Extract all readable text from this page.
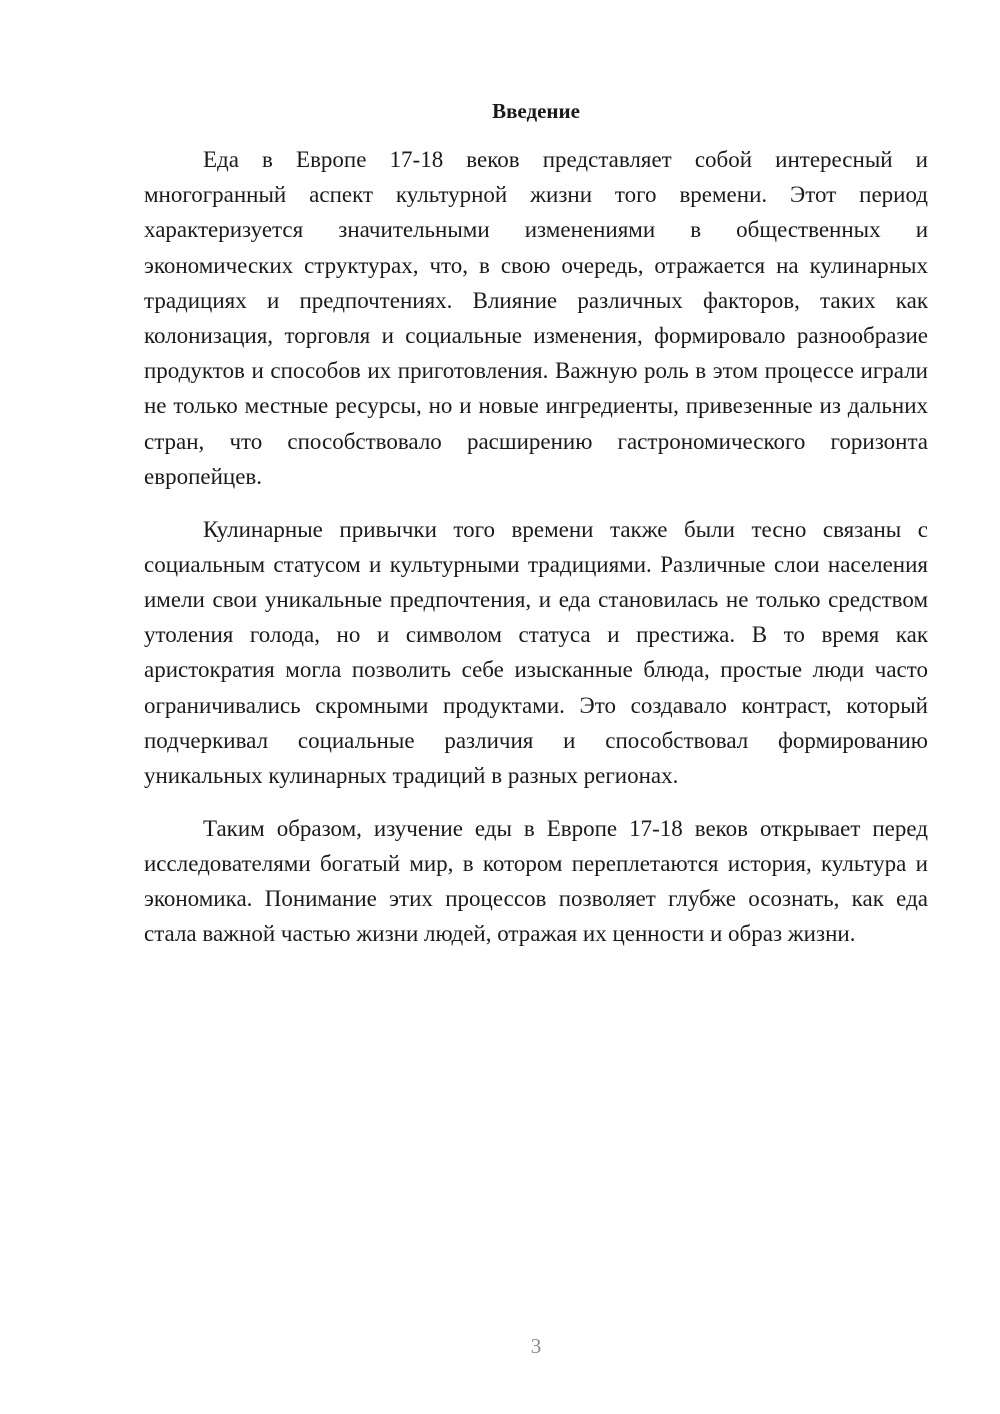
Введение

Еда в Европе 17-18 веков представляет собой интересный и многогранный аспект культурной жизни того времени. Этот период характеризуется значительными изменениями в общественных и экономических структурах, что, в свою очередь, отражается на кулинарных традициях и предпочтениях. Влияние различных факторов, таких как колонизация, торговля и социальные изменения, формировало разнообразие продуктов и способов их приготовления. Важную роль в этом процессе играли не только местные ресурсы, но и новые ингредиенты, привезенные из дальних стран, что способствовало расширению гастрономического горизонта европейцев.

Кулинарные привычки того времени также были тесно связаны с социальным статусом и культурными традициями. Различные слои населения имели свои уникальные предпочтения, и еда становилась не только средством утоления голода, но и символом статуса и престижа. В то время как аристократия могла позволить себе изысканные блюда, простые люди часто ограничивались скромными продуктами. Это создавало контраст, который подчеркивал социальные различия и способствовал формированию уникальных кулинарных традиций в разных регионах.

Таким образом, изучение еды в Европе 17-18 веков открывает перед исследователями богатый мир, в котором переплетаются история, культура и экономика. Понимание этих процессов позволяет глубже осознать, как еда стала важной частью жизни людей, отражая их ценности и образ жизни.

3
